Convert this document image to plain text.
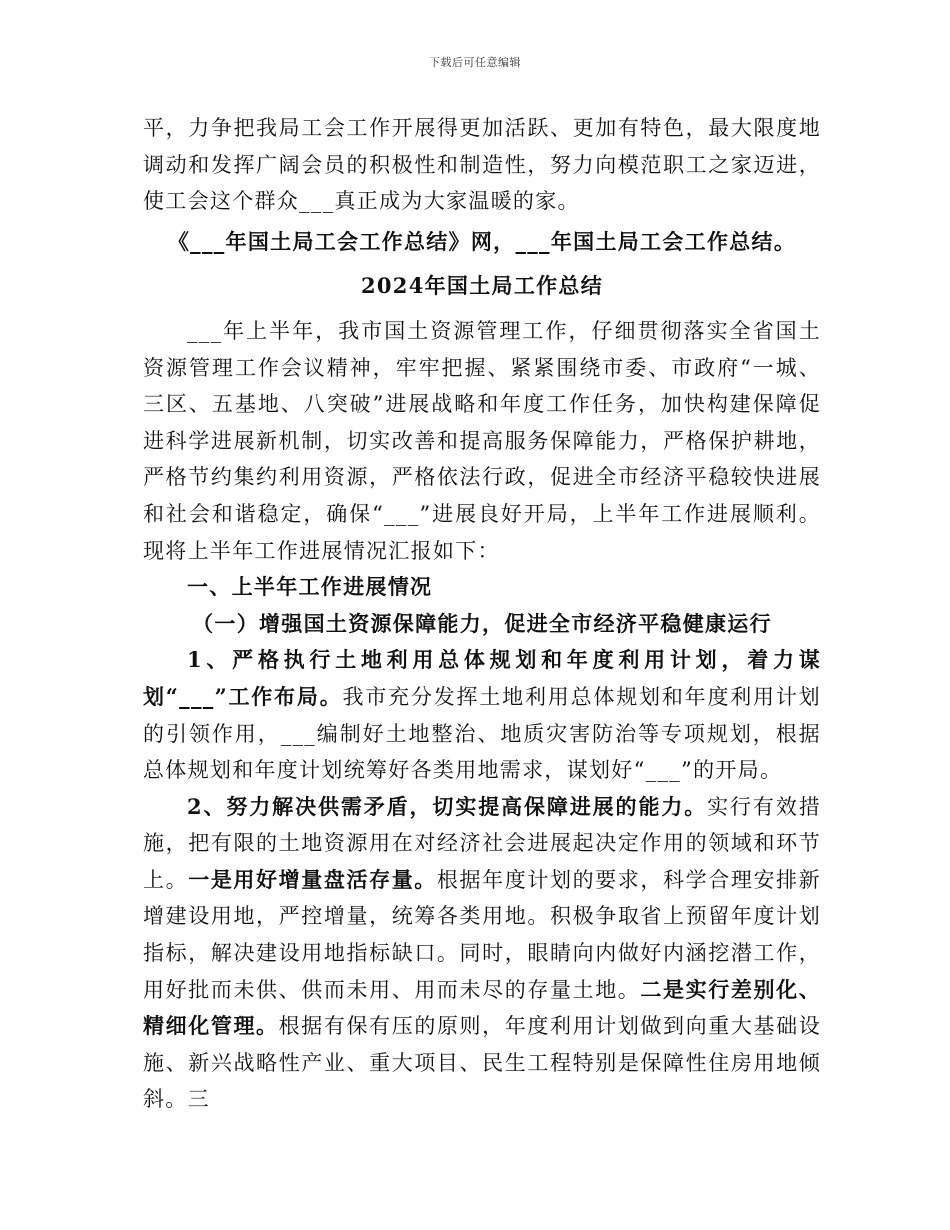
下载后可任意编辑

平，力争把我局工会工作开展得更加活跃、更加有特色，最大限度地调动和发挥广阔会员的积极性和制造性，努力向模范职工之家迈进，使工会这个群众___真正成为大家温暖的家。

《___年国土局工会工作总结》网，___年国土局工会工作总结。

2024年国土局工作总结

___年上半年，我市国土资源管理工作，仔细贯彻落实全省国土资源管理工作会议精神，牢牢把握、紧紧围绕市委、市政府“一城、三区、五基地、八突破”进展战略和年度工作任务，加快构建保障促进科学进展新机制，切实改善和提高服务保障能力，严格保护耕地，严格节约集约利用资源，严格依法行政，促进全市经济平稳较快进展和社会和谐稳定，确保“___”进展良好开局，上半年工作进展顺利。现将上半年工作进展情况汇报如下：

一、上半年工作进展情况

（一）增强国土资源保障能力，促进全市经济平稳健康运行

1、严格执行土地利用总体规划和年度利用计划，着力谋划“___”工作布局。我市充分发挥土地利用总体规划和年度利用计划的引领作用，___编制好土地整治、地质灾害防治等专项规划，根据总体规划和年度计划统筹好各类用地需求，谋划好“___”的开局。

2、努力解决供需矛盾，切实提高保障进展的能力。实行有效措施，把有限的土地资源用在对经济社会进展起决定作用的领域和环节上。一是用好增量盘活存量。根据年度计划的要求，科学合理安排新增建设用地，严控增量，统筹各类用地。积极争取省上预留年度计划指标，解决建设用地指标缺口。同时，眼睛向内做好内涵挖潜工作，用好批而未供、供而未用、用而未尽的存量土地。二是实行差别化、精细化管理。根据有保有压的原则，年度利用计划做到向重大基础设施、新兴战略性产业、重大项目、民生工程特别是保障性住房用地倾斜。三
